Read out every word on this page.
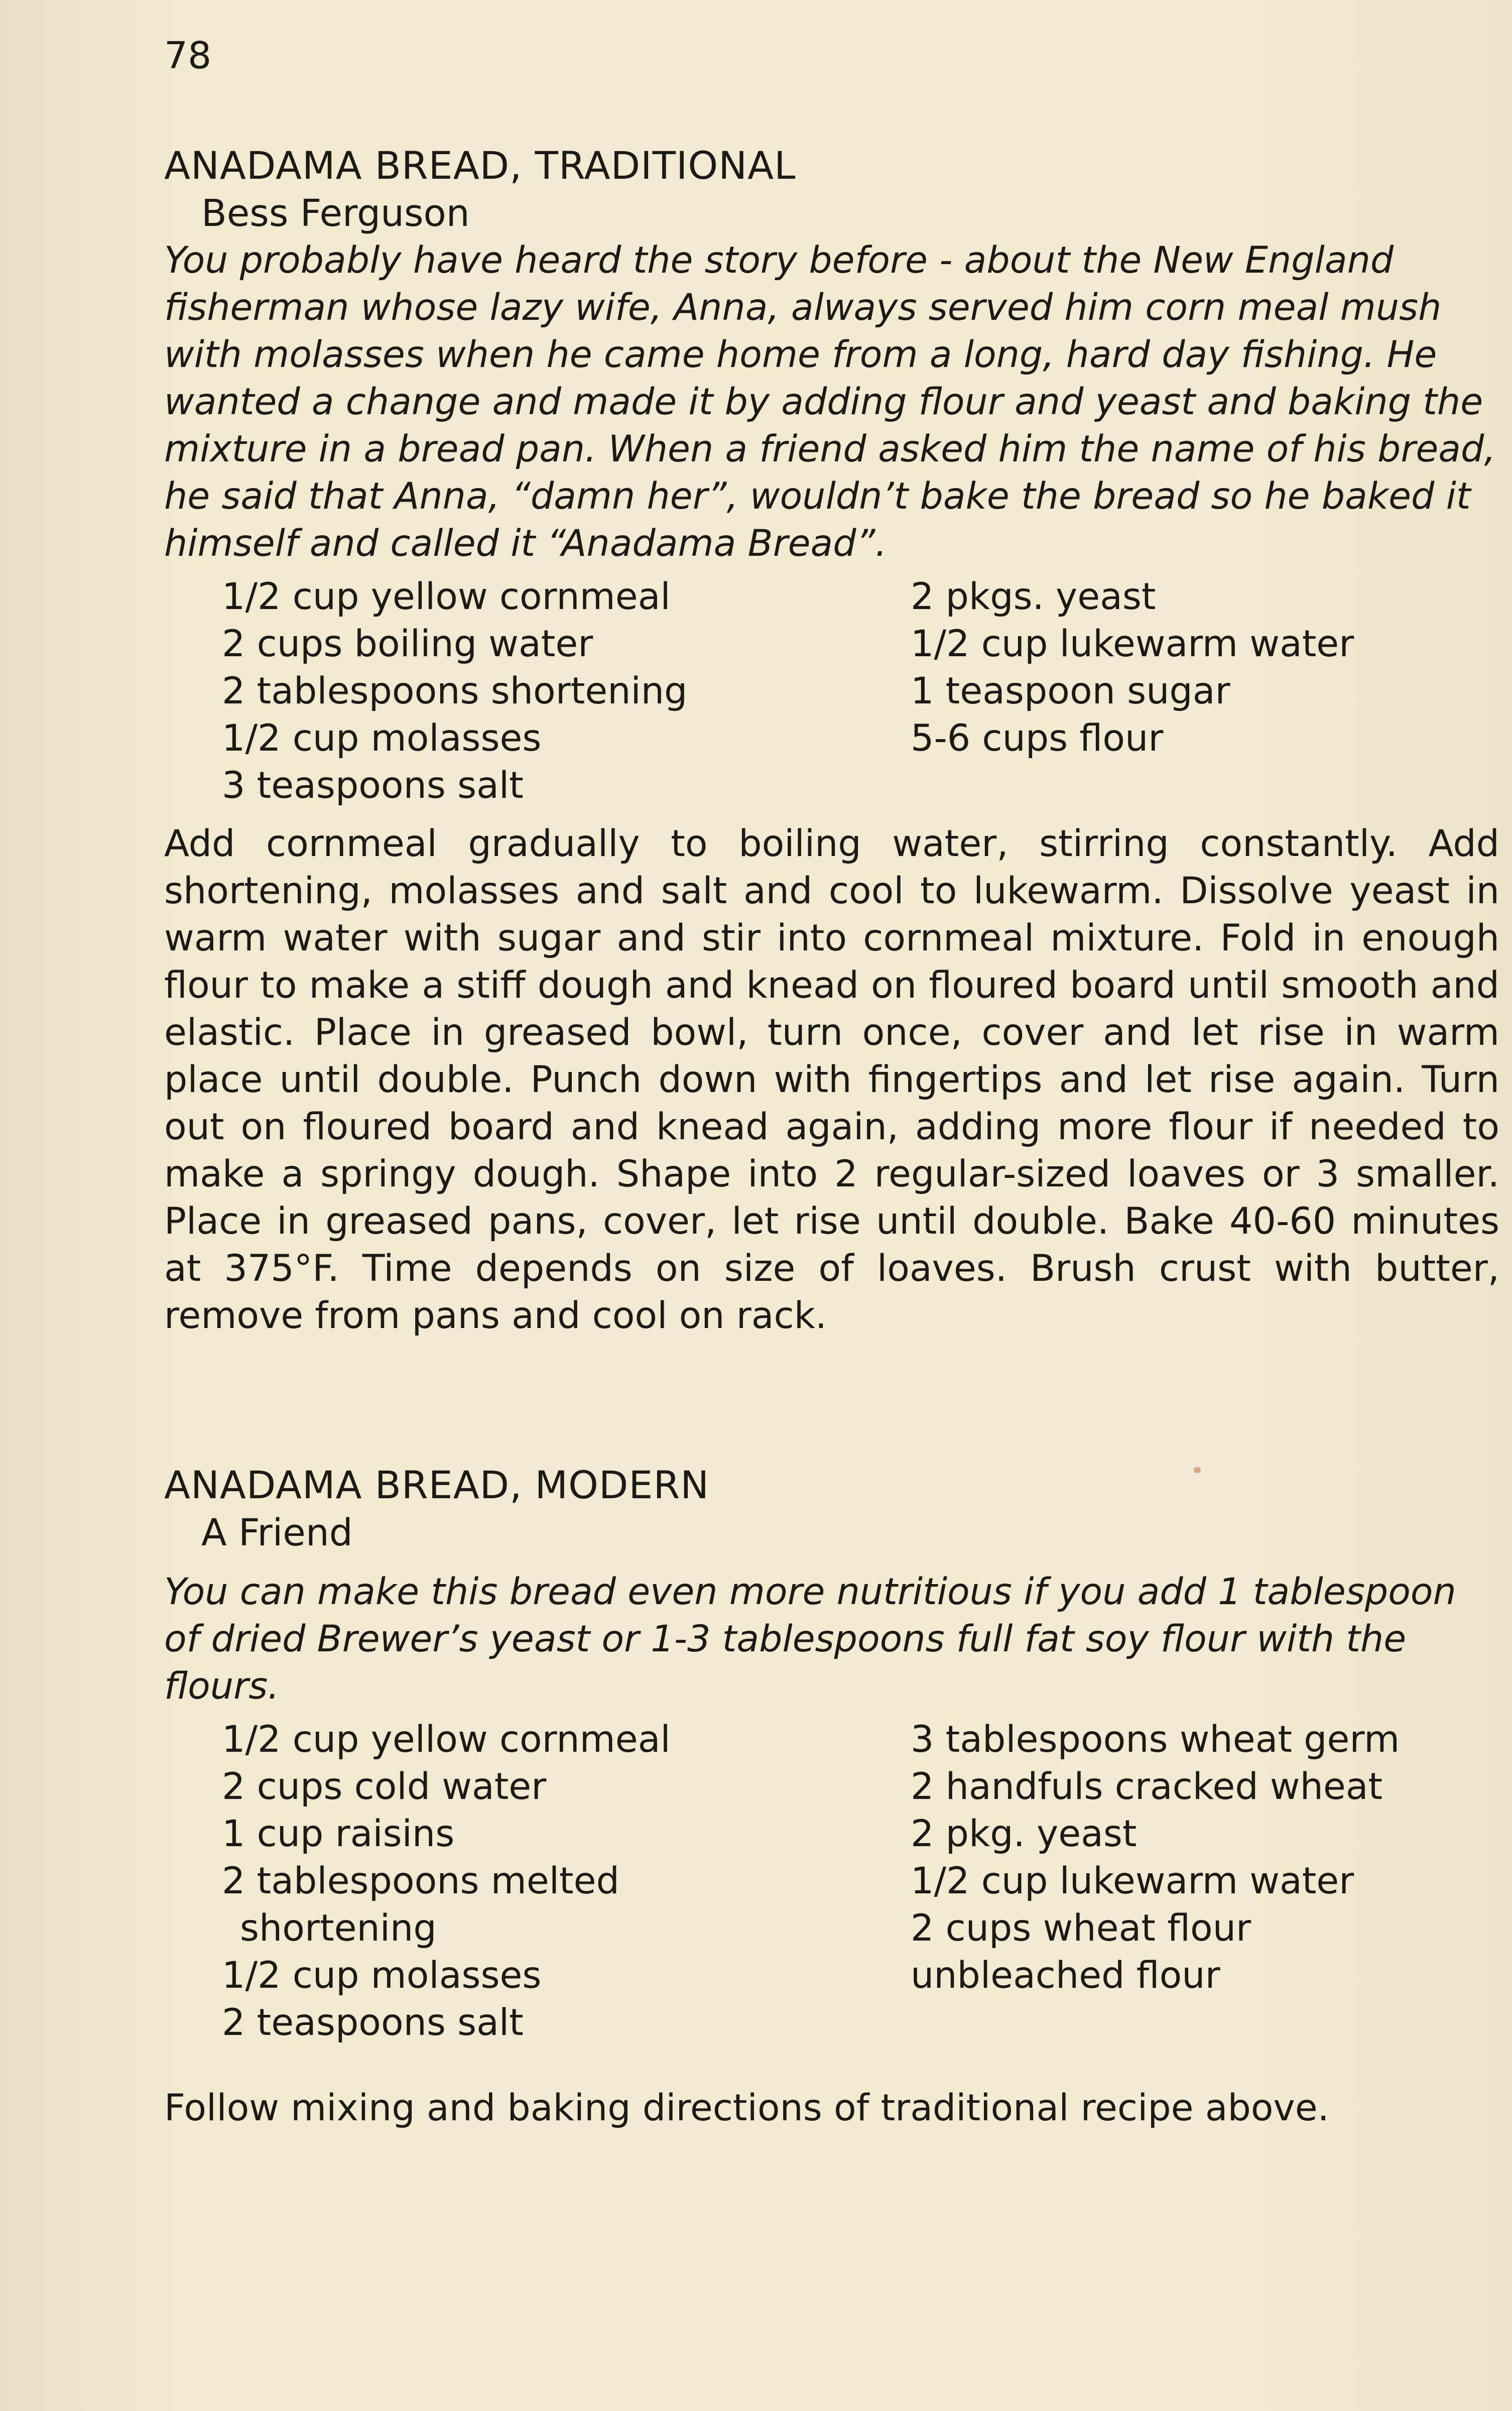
78
ANADAMA BREAD, TRADITIONAL
Bess Ferguson

You probably have heard the story before - about the New England fisherman whose lazy wife, Anna, always served him corn meal mush with molasses when he came home from a long, hard day fishing. He wanted a change and made it by adding flour and yeast and baking the mixture in a bread pan. When a friend asked him the name of his bread, he said that Anna, “damn her”, wouldn’t bake the bread so he baked it himself and called it “Anadama Bread”.

1/2 cup yellow cornmeal
2 cups boiling water
2 tablespoons shortening
1/2 cup molasses
3 teaspoons salt
2 pkgs. yeast
1/2 cup lukewarm water
1 teaspoon sugar
5-6 cups flour

Add cornmeal gradually to boiling water, stirring constantly. Add shortening, molasses and salt and cool to lukewarm. Dissolve yeast in warm water with sugar and stir into cornmeal mixture. Fold in enough flour to make a stiff dough and knead on floured board until smooth and elastic. Place in greased bowl, turn once, cover and let rise in warm place until double. Punch down with fingertips and let rise again. Turn out on floured board and knead again, adding more flour if needed to make a springy dough. Shape into 2 regular-sized loaves or 3 smaller. Place in greased pans, cover, let rise until double. Bake 40-60 minutes at 375°F. Time depends on size of loaves. Brush crust with butter, remove from pans and cool on rack.

ANADAMA BREAD, MODERN
A Friend

You can make this bread even more nutritious if you add 1 tablespoon of dried Brewer’s yeast or 1-3 tablespoons full fat soy flour with the flours.

1/2 cup yellow cornmeal
2 cups cold water
1 cup raisins
2 tablespoons melted
shortening
1/2 cup molasses
2 teaspoons salt
3 tablespoons wheat germ
2 handfuls cracked wheat
2 pkg. yeast
1/2 cup lukewarm water
2 cups wheat flour
unbleached flour

Follow mixing and baking directions of traditional recipe above.
